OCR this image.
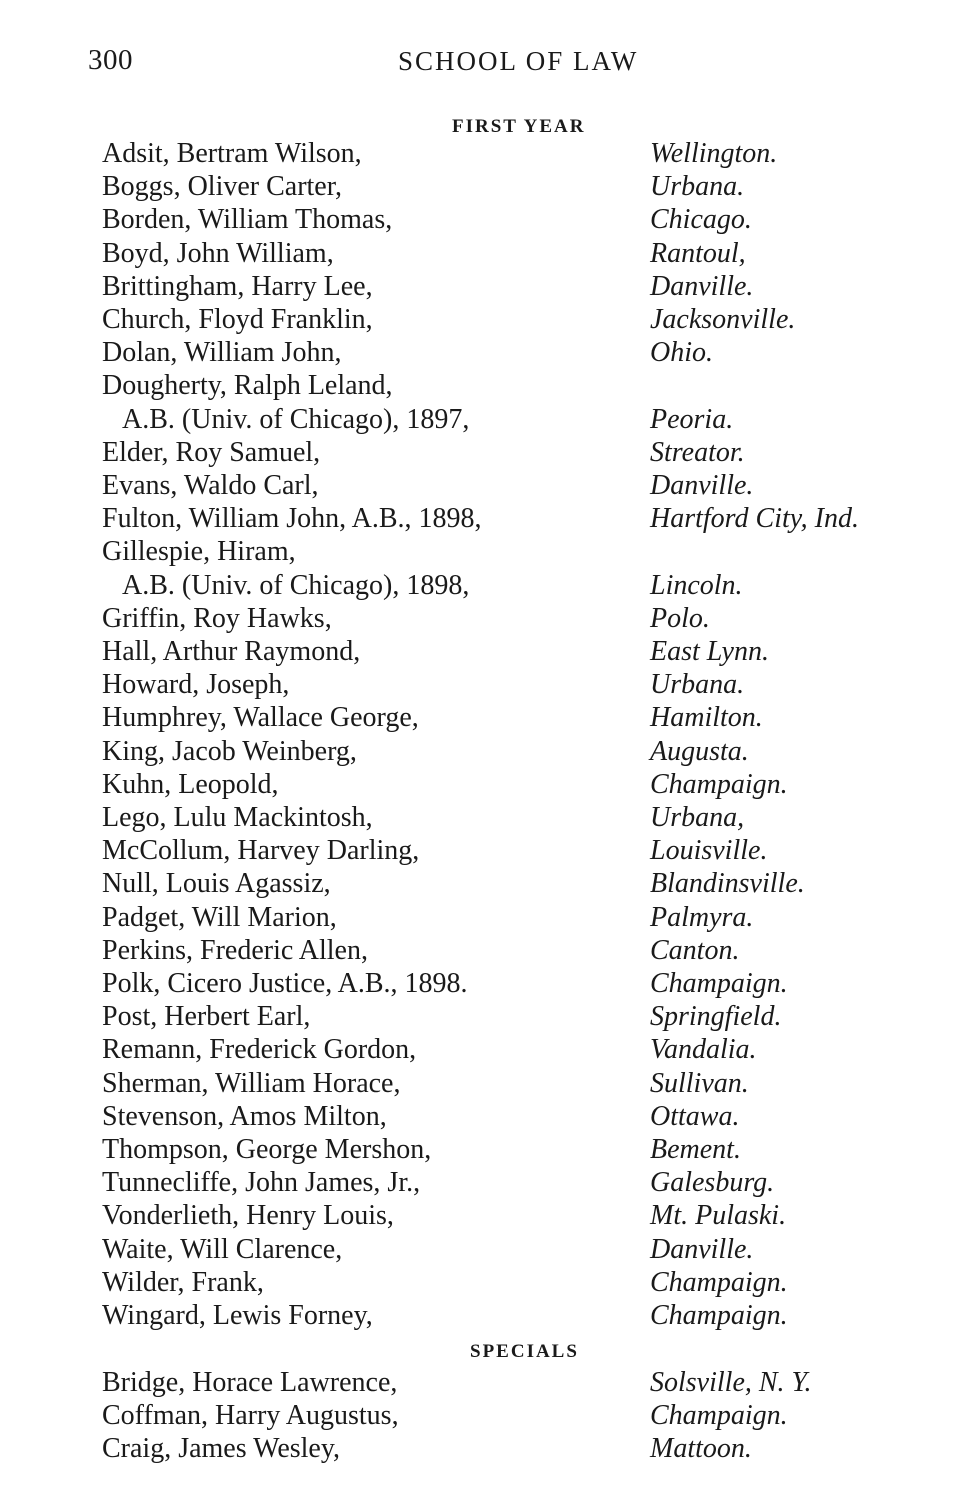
300	SCHOOL OF LAW
FIRST YEAR
Adsit, Bertram Wilson,	Wellington.
Boggs, Oliver Carter,	Urbana.
Borden, William Thomas,	Chicago.
Boyd, John William,	Rantoul,
Brittingham, Harry Lee,	Danville.
Church, Floyd Franklin,	Jacksonville.
Dolan, William John,	Ohio.
Dougherty, Ralph Leland,
A.B. (Univ. of Chicago), 1897,	Peoria.
Elder, Roy Samuel,	Streator.
Evans, Waldo Carl,	Danville.
Fulton, William John, A.B., 1898,	Hartford City, Ind.
Gillespie, Hiram,
A.B. (Univ. of Chicago), 1898,	Lincoln.
Griffin, Roy Hawks,	Polo.
Hall, Arthur Raymond,	East Lynn.
Howard, Joseph,	Urbana.
Humphrey, Wallace George,	Hamilton.
King, Jacob Weinberg,	Augusta.
Kuhn, Leopold,	Champaign.
Lego, Lulu Mackintosh,	Urbana,
McCollum, Harvey Darling,	Louisville.
Null, Louis Agassiz,	Blandinsville.
Padget, Will Marion,	Palmyra.
Perkins, Frederic Allen,	Canton.
Polk, Cicero Justice, A.B., 1898.	Champaign.
Post, Herbert Earl,	Springfield.
Remann, Frederick Gordon,	Vandalia.
Sherman, William Horace,	Sullivan.
Stevenson, Amos Milton,	Ottawa.
Thompson, George Mershon,	Bement.
Tunnecliffe, John James, Jr.,	Galesburg.
Vonderlieth, Henry Louis,	Mt. Pulaski.
Waite, Will Clarence,	Danville.
Wilder, Frank,	Champaign.
Wingard, Lewis Forney,	Champaign.
SPECIALS
Bridge, Horace Lawrence,	Solsville, N. Y.
Coffman, Harry Augustus,	Champaign.
Craig, James Wesley,	Mattoon.
